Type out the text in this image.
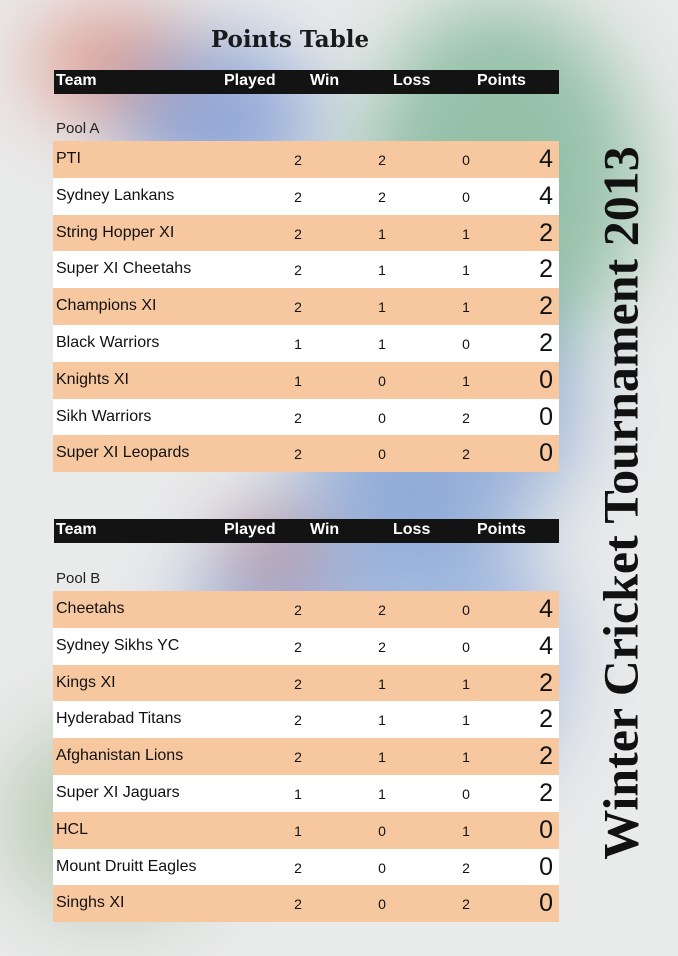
Points Table
Winter Cricket Tournament 2013
Team	Played Win	Loss	Points
Pool A
PTI	2	2	0	4
Sydney Lankans	2	2	0	4
String Hopper XI	2	1	1	2
Super XI Cheetahs	2	1	1	2
Champions XI	2	1	1	2
Black Warriors	1	1	0	2
Knights XI	1	0	1	0
Sikh Warriors	2	0	2	0
Super XI Leopards	2	0	2	0
Team	Played Win	Loss	Points
Pool B
Cheetahs	2	2	0	4
Sydney Sikhs YC	2	2	0	4
Kings XI	2	1	1	2
Hyderabad Titans	2	1	1	2
Afghanistan Lions	2	1	1	2
Super XI Jaguars	1	1	0	2
HCL	1	0	1	0
Mount Druitt Eagles	2	0	2	0
Singhs XI	2	0	2	0
